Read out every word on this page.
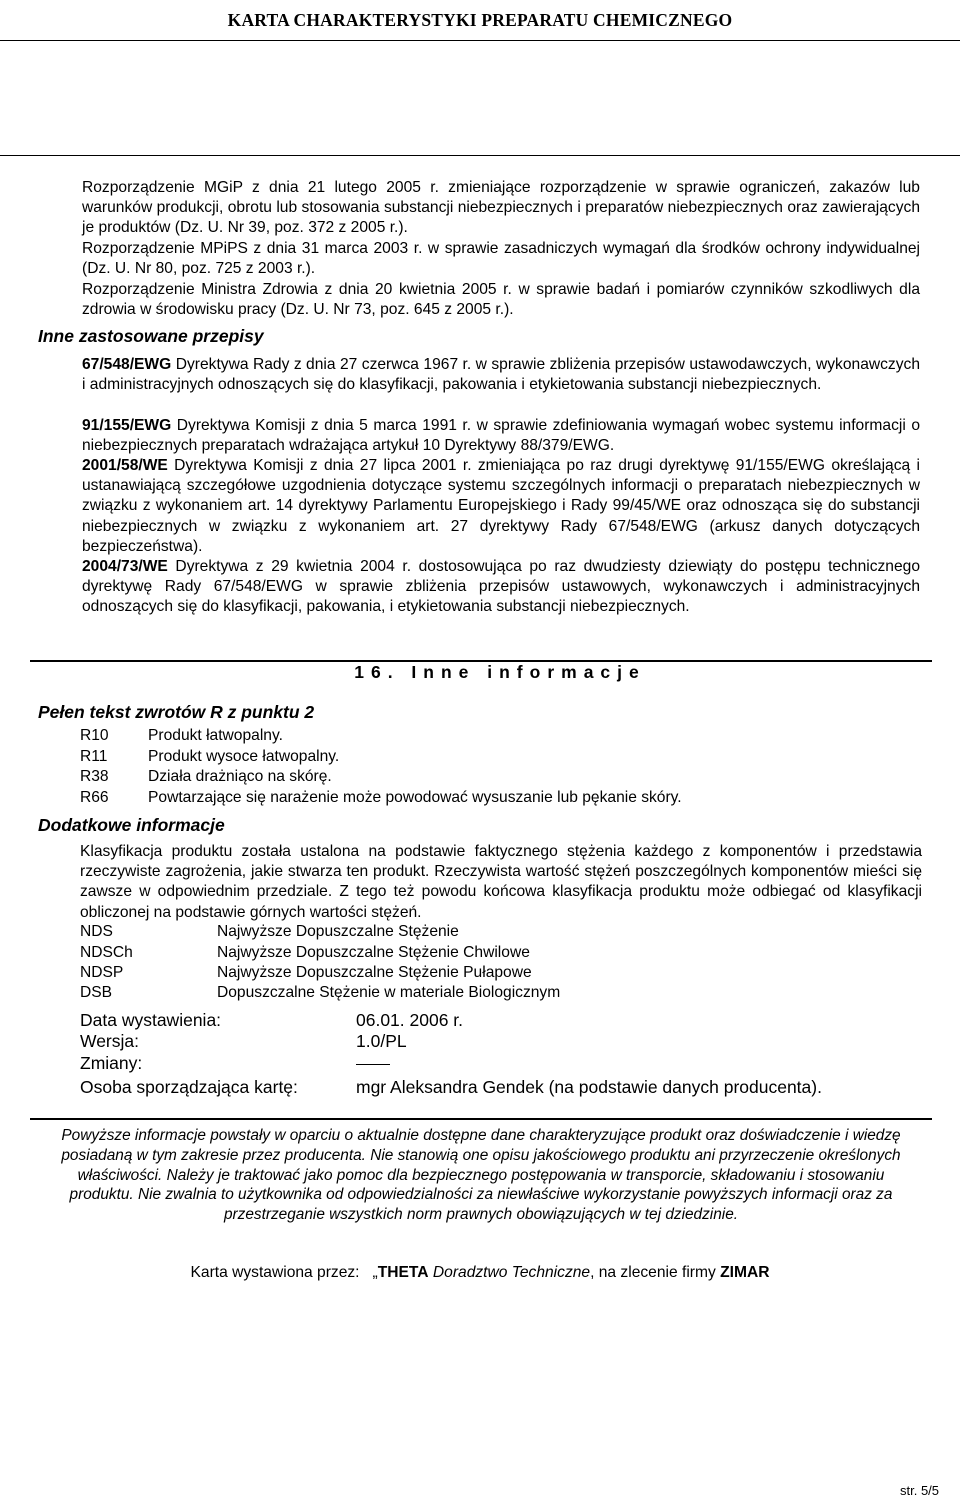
KARTA CHARAKTERYSTYKI PREPARATU CHEMICZNEGO

Rozporządzenie MGiP z dnia 21 lutego 2005 r. zmieniające rozporządzenie w sprawie ograniczeń, zakazów lub warunków produkcji, obrotu lub stosowania substancji niebezpiecznych i preparatów niebezpiecznych oraz zawierających je produktów (Dz. U. Nr 39, poz. 372 z 2005 r.).

Rozporządzenie MPiPS z dnia 31 marca 2003 r. w sprawie zasadniczych wymagań dla środków ochrony indywidualnej (Dz. U. Nr 80, poz. 725 z 2003 r.).

Rozporządzenie Ministra Zdrowia z dnia 20 kwietnia 2005 r. w sprawie badań i pomiarów czynników szkodliwych dla zdrowia w środowisku pracy (Dz. U. Nr 73, poz. 645 z 2005 r.).

Inne zastosowane przepisy

67/548/EWG Dyrektywa Rady z dnia 27 czerwca 1967 r. w sprawie zbliżenia przepisów ustawodawczych, wykonawczych i administracyjnych odnoszących się do klasyfikacji, pakowania i etykietowania substancji niebezpiecznych.

91/155/EWG Dyrektywa Komisji z dnia 5 marca 1991 r. w sprawie zdefiniowania wymagań wobec systemu informacji o niebezpiecznych preparatach wdrażająca artykuł 10 Dyrektywy 88/379/EWG.

2001/58/WE Dyrektywa Komisji z dnia 27 lipca 2001 r. zmieniająca po raz drugi dyrektywę 91/155/EWG określającą i ustanawiającą szczegółowe uzgodnienia dotyczące systemu szczególnych informacji o preparatach niebezpiecznych w związku z wykonaniem art. 14 dyrektywy Parlamentu Europejskiego i Rady 99/45/WE oraz odnosząca się do substancji niebezpiecznych w związku z wykonaniem art. 27 dyrektywy Rady 67/548/EWG (arkusz danych dotyczących bezpieczeństwa).

2004/73/WE Dyrektywa z 29 kwietnia 2004 r. dostosowująca po raz dwudziesty dziewiąty do postępu technicznego dyrektywę Rady 67/548/EWG w sprawie zbliżenia przepisów ustawowych, wykonawczych i administracyjnych odnoszących się do klasyfikacji, pakowania, i etykietowania substancji niebezpiecznych.

16. Inne informacje
Pełen tekst zwrotów R z punktu 2
R10	Produkt łatwopalny.
R11	Produkt wysoce łatwopalny.
R38	Działa drażniąco na skórę.
R66	Powtarzające się narażenie może powodować wysuszanie lub pękanie skóry.
Dodatkowe informacje

Klasyfikacja produktu została ustalona na podstawie faktycznego stężenia każdego z komponentów i przedstawia rzeczywiste zagrożenia, jakie stwarza ten produkt. Rzeczywista wartość stężeń poszczególnych komponentów mieści się zawsze w odpowiednim przedziale. Z tego też powodu końcowa klasyfikacja produktu może odbiegać od klasyfikacji obliczonej na podstawie górnych wartości stężeń.

NDS	Najwyższe Dopuszczalne Stężenie
NDSCh	Najwyższe Dopuszczalne Stężenie Chwilowe
NDSP	Najwyższe Dopuszczalne Stężenie Pułapowe
DSB	Dopuszczalne Stężenie w materiale Biologicznym
Data wystawienia:	06.01. 2006 r.
Wersja:	1.0/PL
Zmiany:
Osoba sporządzająca kartę:	mgr Aleksandra Gendek (na podstawie danych producenta).
Powyższe informacje powstały w oparciu o aktualnie dostępne dane charakteryzujące produkt oraz doświadczenie i wiedzę posiadaną w tym zakresie przez producenta. Nie stanowią one opisu jakościowego produktu ani przyrzeczenie określonych właściwości. Należy je traktować jako pomoc dla bezpiecznego postępowania w transporcie, składowaniu i stosowaniu produktu. Nie zwalnia to użytkownika od odpowiedzialności za niewłaściwe wykorzystanie powyższych informacji oraz za przestrzeganie wszystkich norm prawnych obowiązujących w tej dziedzinie.
Karta wystawiona przez: „THETA Doradztwo Techniczne, na zlecenie firmy ZIMAR
str. 5/5
